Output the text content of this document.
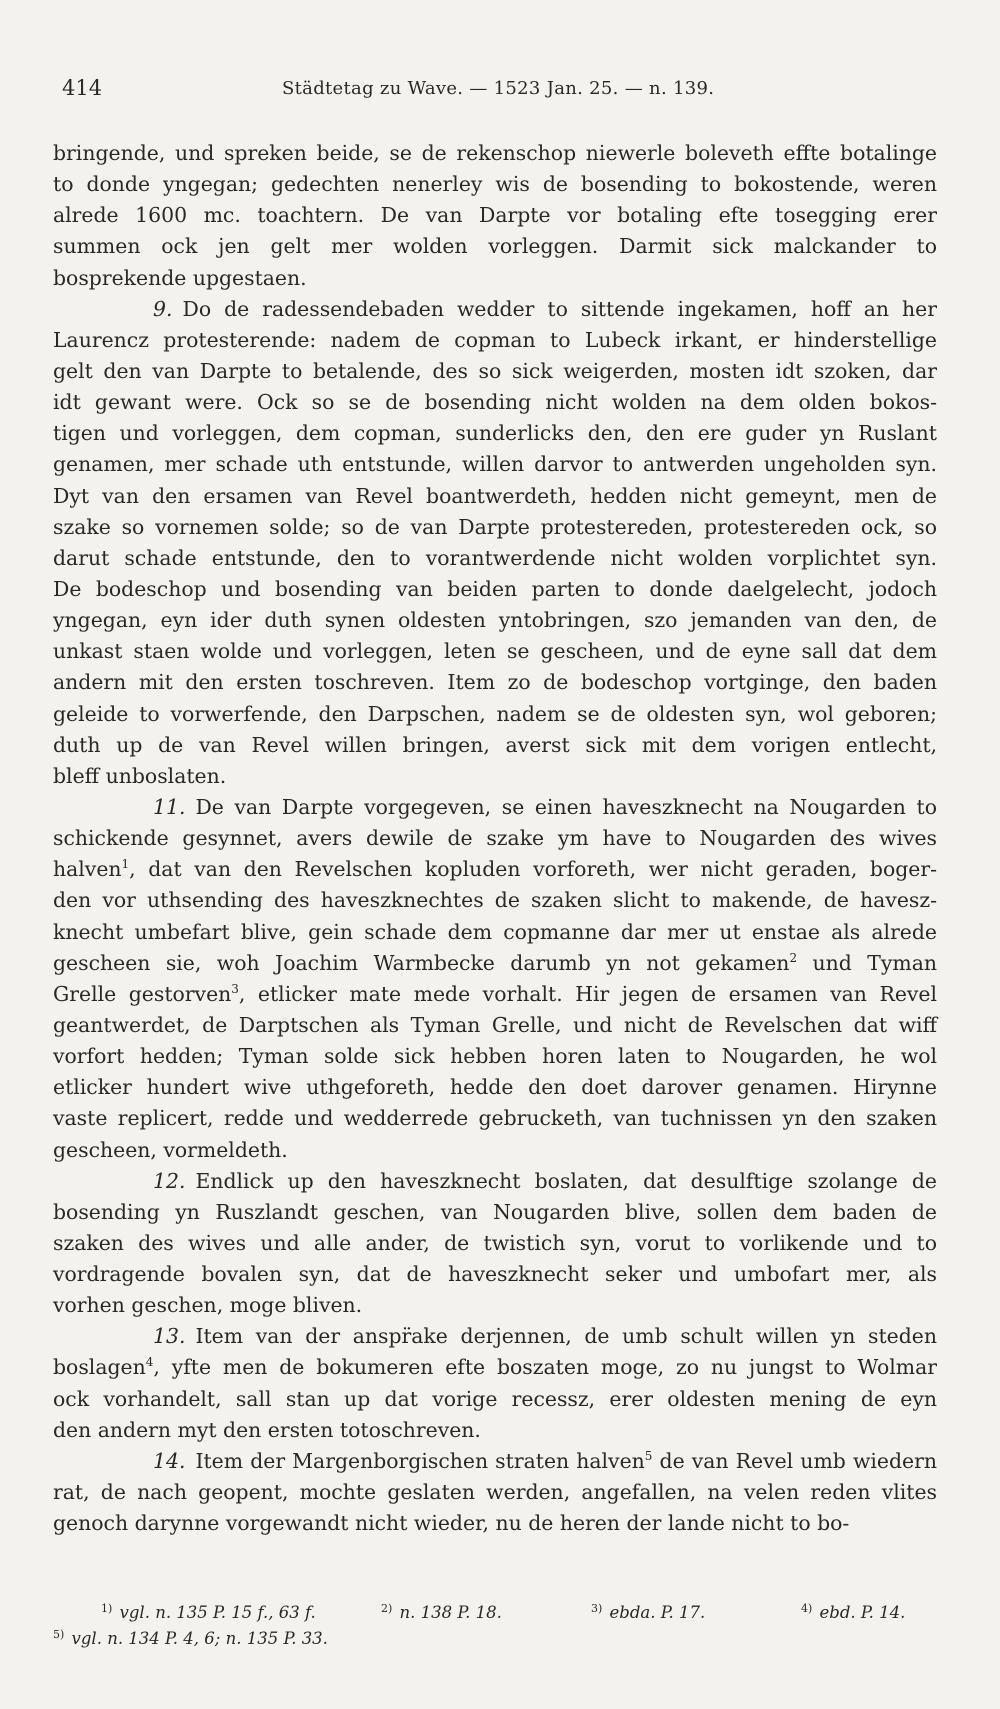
414	Städtetag zu Wave. — 1523 Jan. 25. — n. 139.
bringende, und spreken beide, se de rekenschop niewerle boleveth effte botalinge
to donde yngegan; gedechten nenerley wis de bosending to bokostende, weren
alrede 1600 mc. toachtern. De van Darpte vor botaling efte tosegging erer
summen ock jen gelt mer wolden vorleggen. Darmit sick malckander to
bosprekende upgestaen.
9. Do de radessendebaden wedder to sittende ingekamen, hoff an her
Laurencz protesterende: nadem de copman to Lubeck irkant, er hinderstellige
gelt den van Darpte to betalende, des so sick weigerden, mosten idt szoken, dar
idt gewant were. Ock so se de bosending nicht wolden na dem olden bokos-
tigen und vorleggen, dem copman, sunderlicks den, den ere guder yn Ruslant
genamen, mer schade uth entstunde, willen darvor to antwerden ungeholden syn.
Dyt van den ersamen van Revel boantwerdeth, hedden nicht gemeynt, men de
szake so vornemen solde; so de van Darpte protestereden, protestereden ock, so
darut schade entstunde, den to vorantwerdende nicht wolden vorplichtet syn.
De bodeschop und bosending van beiden parten to donde daelgelecht, jodoch
yngegan, eyn ider duth synen oldesten yntobringen, szo jemanden van den, de
unkast staen wolde und vorleggen, leten se gescheen, und de eyne sall dat dem
andern mit den ersten toschreven. Item zo de bodeschop vortginge, den baden
geleide to vorwerfende, den Darpschen, nadem se de oldesten syn, wol geboren;
duth up de van Revel willen bringen, averst sick mit dem vorigen entlecht,
bleff unboslaten.
11. De van Darpte vorgegeven, se einen haveszknecht na Nougarden to
schickende gesynnet, avers dewile de szake ym have to Nougarden des wives
halven$^1$, dat van den Revelschen kopluden vorforeth, wer nicht geraden, boger-
den vor uthsending des haveszknechtes de szaken slicht to makende, de havesz-
knecht umbefart blive, gein schade dem copmanne dar mer ut enstae als alrede
gescheen sie, woh Joachim Warmbecke darumb yn not gekamen$^2$ und Tyman
Grelle gestorven$^3$, etlicker mate mede vorhalt. Hir jegen de ersamen van Revel
geantwerdet, de Darptschen als Tyman Grelle, und nicht de Revelschen dat wiff
vorfort hedden; Tyman solde sick hebben horen laten to Nougarden, he wol
etlicker hundert wive uthgeforeth, hedde den doet darover genamen. Hirynne
vaste replicert, redde und wedderrede gebrucketh, van tuchnissen yn den szaken
gescheen, vormeldeth.
12. Endlick up den haveszknecht boslaten, dat desulftige szolange de
bosending yn Ruszlandt geschen, van Nougarden blive, sollen dem baden de
szaken des wives und alle ander, de twistich syn, vorut to vorlikende und to
vordragende bovalen syn, dat de haveszknecht seker und umbofart mer, als
vorhen geschen, moge bliven.
13. Item van der anspr̈ake derjennen, de umb schult willen yn steden
boslagen$^4$, yfte men de bokumeren efte boszaten moge, zo nu jungst to Wolmar
ock vorhandelt, sall stan up dat vorige recessz, erer oldesten mening de eyn
den andern myt den ersten totoschreven.
14. Item der Margenborgischen straten halven$^5$ de van Revel umb wiedern
rat, de nach geopent, mochte geslaten werden, angefallen, na velen reden vlites
genoch darynne vorgewandt nicht wieder, nu de heren der lande nicht to bo-
$^{1)}$ vgl. n. 135 P. 15 f., 63 f.	$^{2)}$ n. 138 P. 18.	$^{3)}$ ebda. P. 17.	$^{4)}$ ebd. P. 14.
$^{5)}$ vgl. n. 134 P. 4, 6; n. 135 P. 33.
